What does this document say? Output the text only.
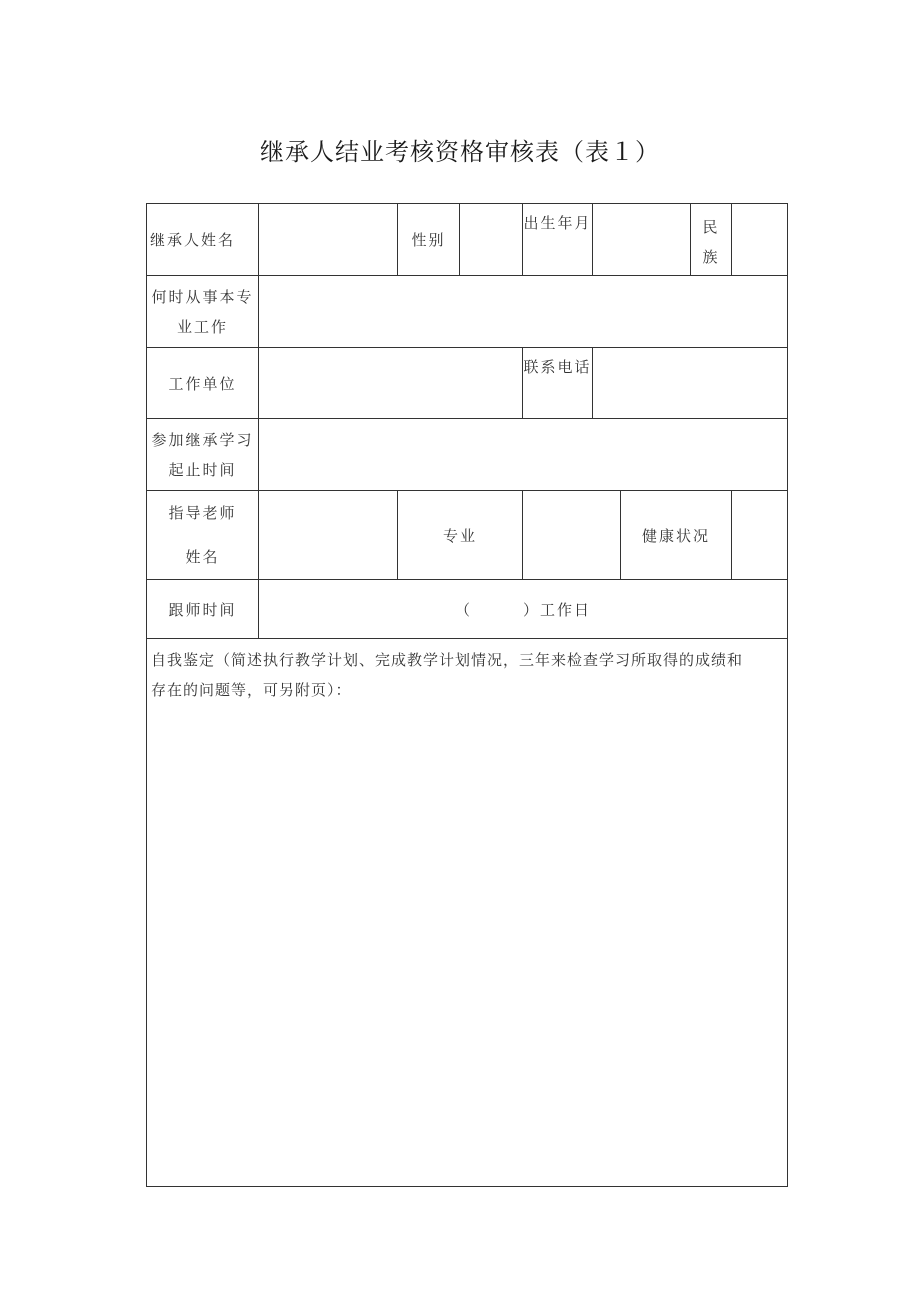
继承人结业考核资格审核表（表１）
继承人姓名		性别		出生年月			民
族	
何时从事本专
业工作								
工作单位				联系电话				
参加继承学习
起止时间								
指导老师
姓名		专业				健康状况		
跟师时间	（　　　）工作日							

自我鉴定（简述执行教学计划、完成教学计划情况，三年来检查学习所取得的成绩和
存在的问题等，可另附页）：								
